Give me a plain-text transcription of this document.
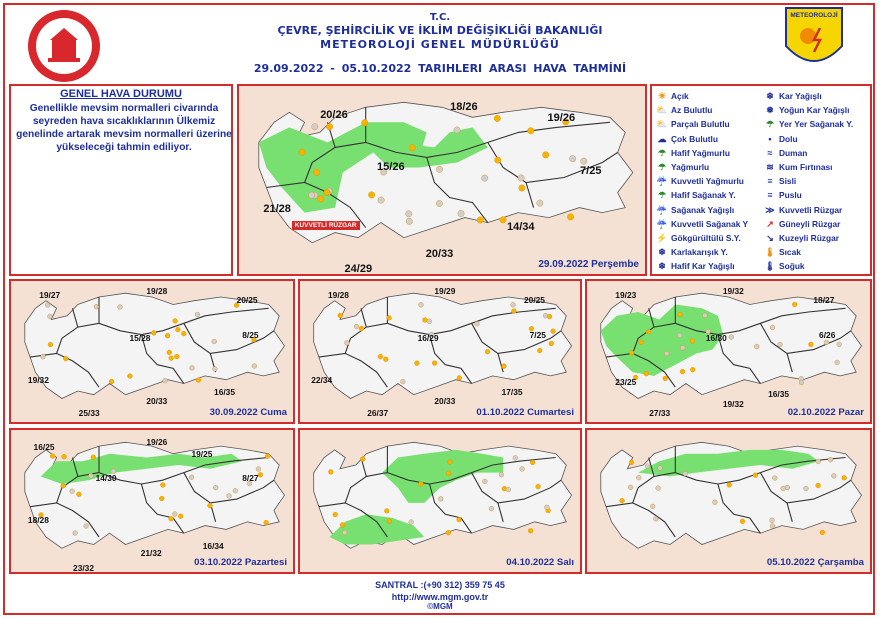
T.C.
ÇEVRE, ŞEHİRCİLİK VE İKLİM DEĞİŞİKLİĞİ BAKANLIĞI
METEOROLOJİ GENEL MÜDÜRLÜĞÜ
29.09.2022 - 05.10.2022 TARIHLERI ARASI HAVA TAHMİNİ
METEOROLOJİ
GENEL HAVA DURUMU
Genellikle mevsim normalleri civarında seyreden hava sıcaklıklarının Ülkemiz genelinde artarak mevsim normalleri üzerine yükseleceği tahmin ediliyor.
☀ Açık
⛅ Az Bulutlu
⛅ Parçalı Bulutlu
☁ Çok Bulutlu
☂ Hafif Yağmurlu
☂ Yağmurlu
☔ Kuvvetli Yağmurlu
☂ Hafif Sağanak Y.
☔ Sağanak Yağışlı
☔ Kuvvetli Sağanak Y
⚡ Gökgürültülü S.Y.
❄ Karlakarışık Y.
❄ Hafif Kar Yağışlı
❄ Kar Yağışlı
❅ Yoğun Kar Yağışlı
☂ Yer Yer Sağanak Y.
• Dolu
≈ Duman
≋ Kum Fırtınası
≡ Sisli
≡ Puslu
≫ Kuvvetli Rüzgar
↗ Güneyli Rüzgar
↘ Kuzeyli Rüzgar
🌡 Sıcak
🌡 Soğuk
20/26
18/26
19/26
15/26	7/25
21/28
14/34
20/33
24/29
KUVVETLİ RÜZGAR
29.09.2022 Perşembe
19/27	19/28
20/25
15/28	8/25
19/32
16/35
20/33
25/33	30.09.2022 Cuma
19/28	19/29
20/25
16/29	7/25
22/34
17/35
20/33
26/37	01.10.2022 Cumartesi
19/23	19/32
18/27
16/30	6/26
23/25
16/35
19/32
27/33	02.10.2022 Pazar
16/25	19/26
19/25
14/30	8/27
18/28
16/34
21/32
23/32	03.10.2022 Pazartesi	04.10.2022 Salı	05.10.2022 Çarşamba
SANTRAL :(+90 312) 359 75 45
http://www.mgm.gov.tr
©MGM
